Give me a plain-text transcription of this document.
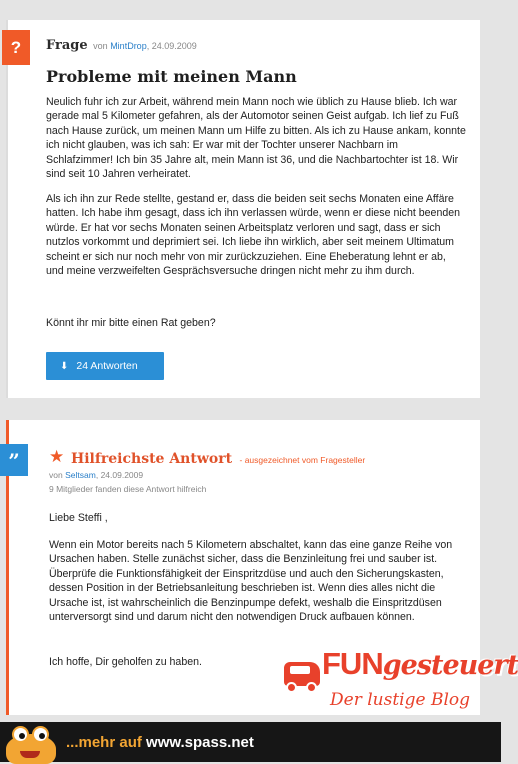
?	Frage von MintDrop, 24.09.2009
Probleme mit meinen Mann

Neulich fuhr ich zur Arbeit, während mein Mann noch wie üblich zu Hause blieb. Ich war gerade mal 5 Kilometer gefahren, als der Automotor seinen Geist aufgab. Ich lief zu Fuß nach Hause zurück, um meinen Mann um Hilfe zu bitten. Als ich zu Hause ankam, konnte ich nicht glauben, was ich sah: Er war mit der Tochter unserer Nachbarn im Schlafzimmer! Ich bin 35 Jahre alt, mein Mann ist 36, und die Nachbartochter ist 18. Wir sind seit 10 Jahren verheiratet.

Als ich ihn zur Rede stellte, gestand er, dass die beiden seit sechs Monaten eine Affäre hatten. Ich habe ihm gesagt, dass ich ihn verlassen würde, wenn er diese nicht beenden würde. Er hat vor sechs Monaten seinen Arbeitsplatz verloren und sagt, dass er sich nutzlos vorkommt und deprimiert sei. Ich liebe ihn wirklich, aber seit meinem Ultimatum scheint er sich nur noch mehr von mir zurückzuziehen. Eine Eheberatung lehnt er ab, und meine verzweifelten Gesprächsversuche dringen nicht mehr zu ihm durch.

Könnt ihr mir bitte einen Rat geben?

⬇ 24 Antworten
”	★ Hilfreichste Antwort - ausgezeichnet vom Fragesteller
von Seltsam, 24.09.2009
9 Mitglieder fanden diese Antwort hilfreich

Liebe Steffi ,

Wenn ein Motor bereits nach 5 Kilometern abschaltet, kann das eine ganze Reihe von Ursachen haben. Stelle zunächst sicher, dass die Benzinleitung frei und sauber ist. Überprüfe die Funktionsfähigkeit der Einspritzdüse und auch den Sicherungskasten, dessen Position in der Betriebsanleitung beschrieben ist. Wenn dies alles nicht die Ursache ist, ist wahrscheinlich die Benzinpumpe defekt, weshalb die Einspritzdüsen unterversorgt sind und darum nicht den notwendigen Druck aufbauen können.

Ich hoffe, Dir geholfen zu haben.	FUNgesteuert
Der lustige Blog
...mehr auf www.spass.net
